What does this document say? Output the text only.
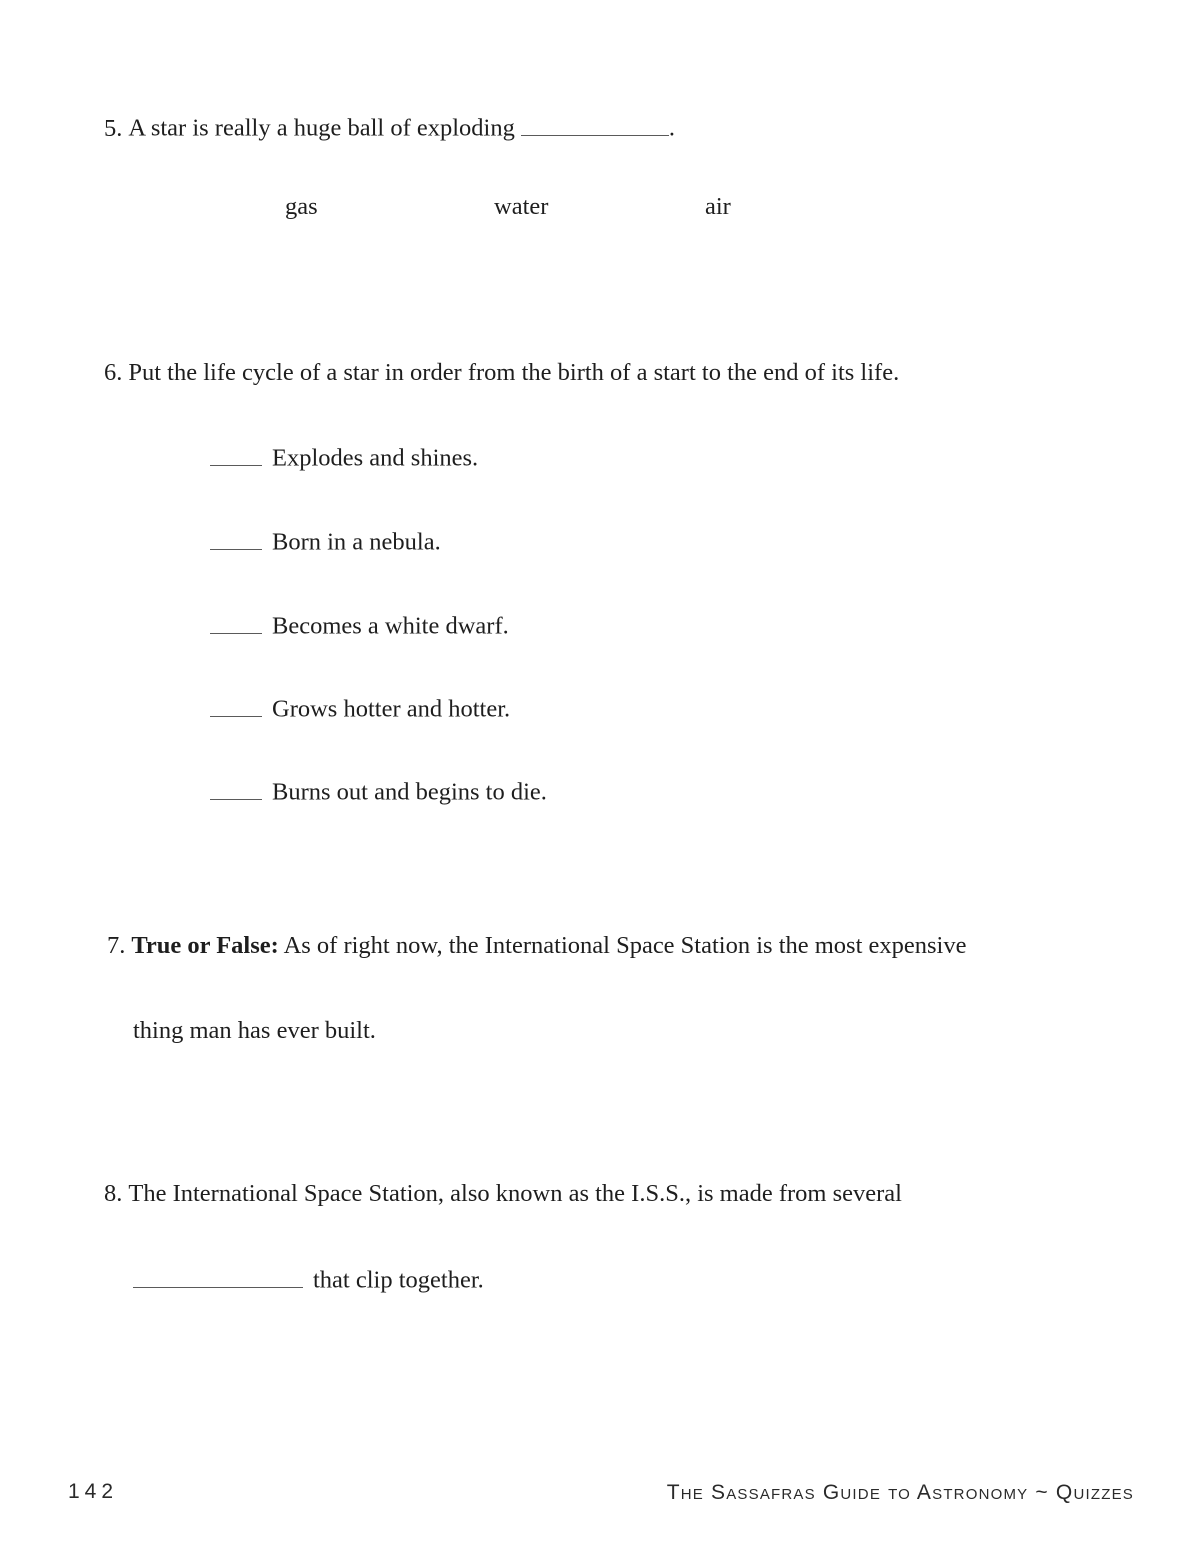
5. A star is really a huge ball of exploding	.
gas	water	air
6. Put the life cycle of a star in order from the birth of a start to the end of its life.
Explodes and shines.
Born in a nebula.
Becomes a white dwarf.
Grows hotter and hotter.
Burns out and begins to die.
7. True or False: As of right now, the International Space Station is the most expensive
thing man has ever built.
8. The International Space Station, also known as the I.S.S., is made from several
that clip together.
142	The Sassafras Guide to Astronomy ~ Quizzes
